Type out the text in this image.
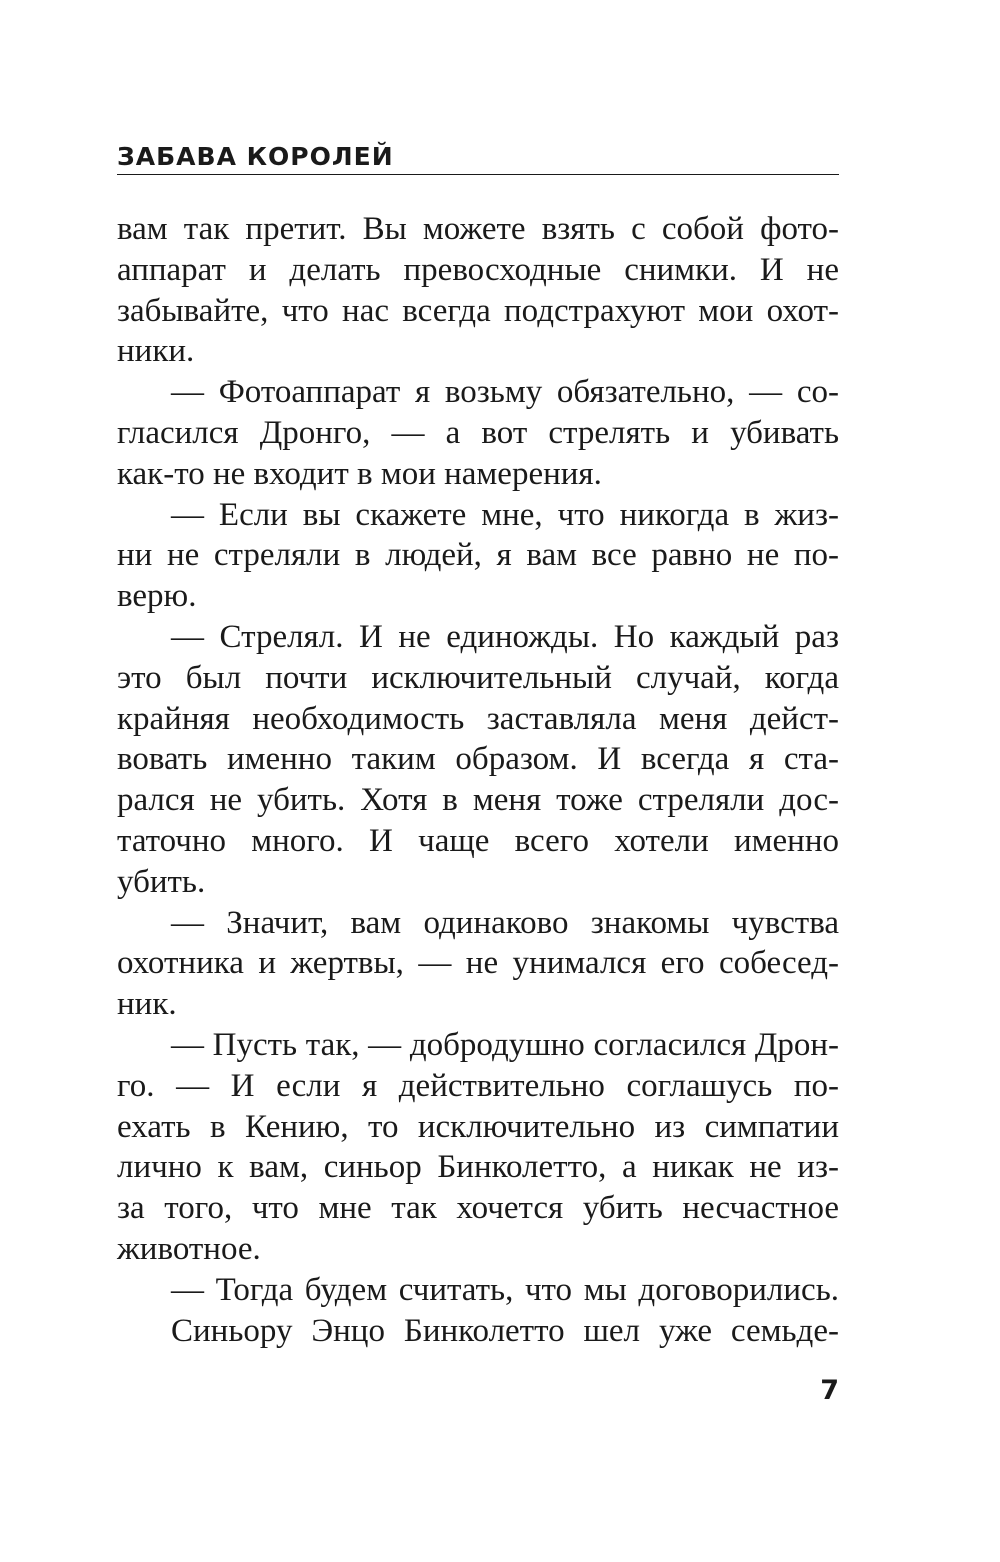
ЗАБАВА КОРОЛЕЙ
вам так претит. Вы можете взять с собой фото-
аппарат и делать превосходные снимки. И не
забывайте, что нас всегда подстрахуют мои охот-
ники.
— Фотоаппарат я возьму обязательно, — со-
гласился Дронго, — а вот стрелять и убивать
как-то не входит в мои намерения.
— Если вы скажете мне, что никогда в жиз-
ни не стреляли в людей, я вам все равно не по-
верю.
— Стрелял. И не единожды. Но каждый раз
это был почти исключительный случай, когда
крайняя необходимость заставляла меня дейст-
вовать именно таким образом. И всегда я ста-
рался не убить. Хотя в меня тоже стреляли дос-
таточно много. И чаще всего хотели именно
убить.
— Значит, вам одинаково знакомы чувства
охотника и жертвы, — не унимался его собесед-
ник.
— Пусть так, — добродушно согласился Дрон-
го. — И если я действительно соглашусь по-
ехать в Кению, то исключительно из симпатии
лично к вам, синьор Бинколетто, а никак не из-
за того, что мне так хочется убить несчастное
животное.
— Тогда будем считать, что мы договорились.
Синьору Энцо Бинколетто шел уже семьде-
7
